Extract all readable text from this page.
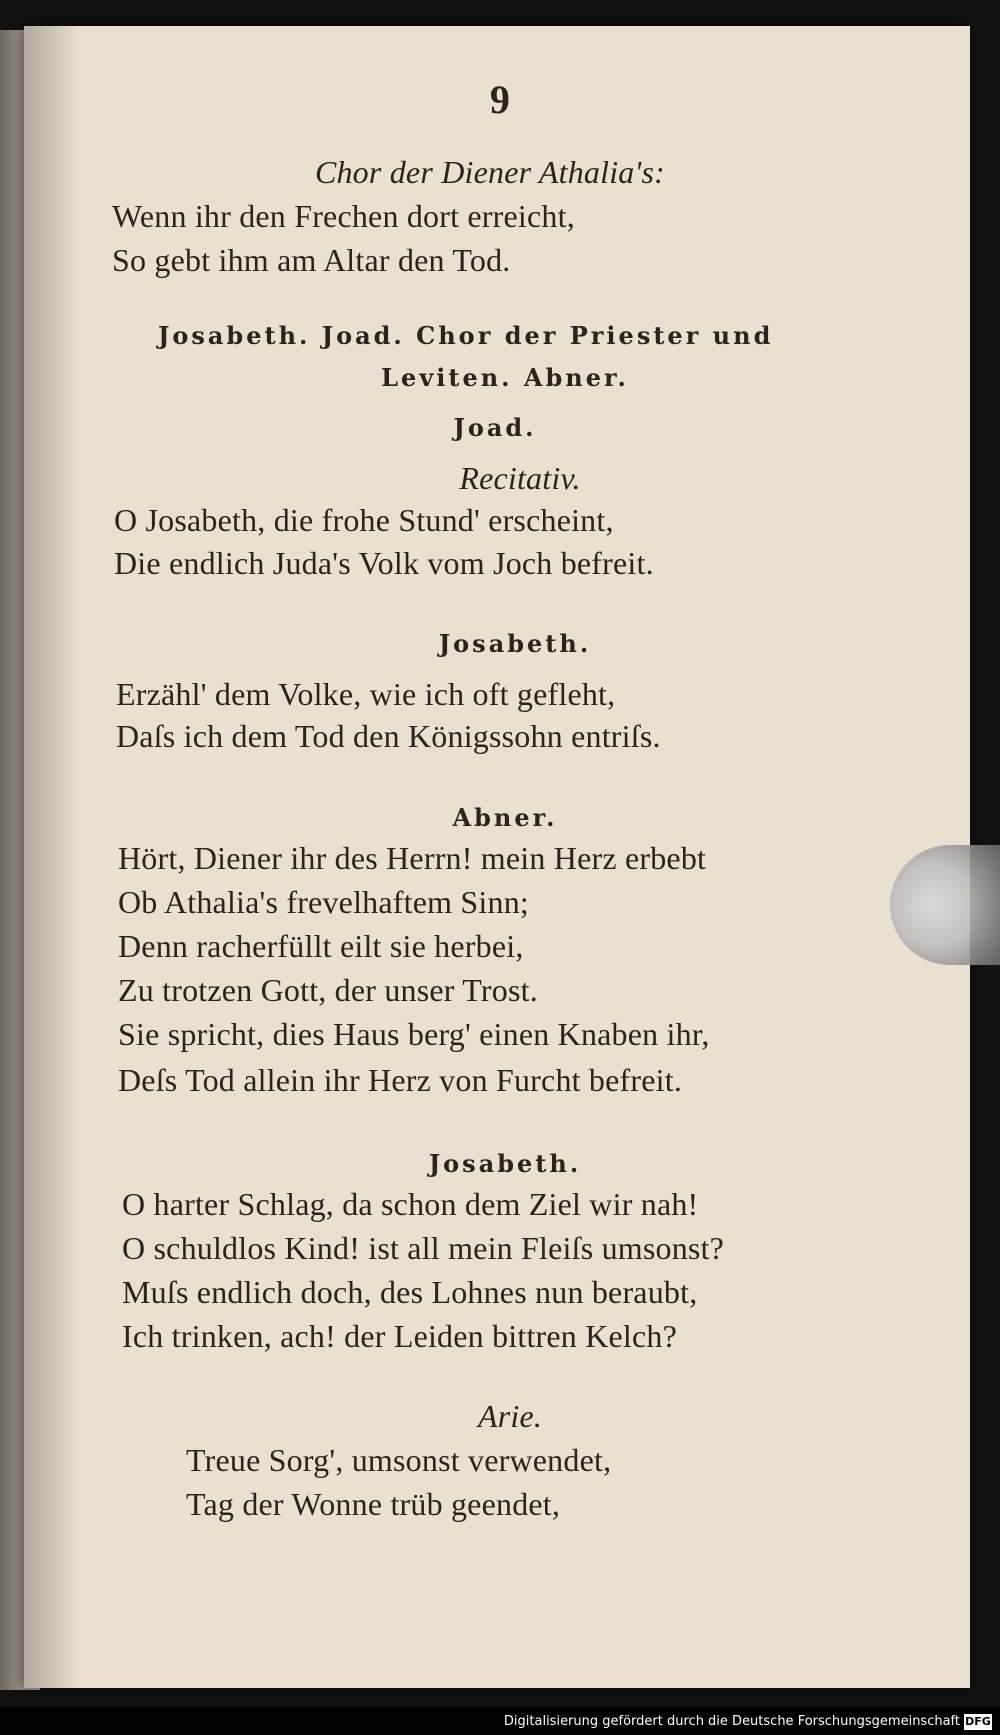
9
Chor der Diener Athalia's:
Wenn ihr den Frechen dort erreicht,
So gebt ihm am Altar den Tod.
Josabeth. Joad. Chor der Priester und
Leviten. Abner.
Joad.
Recitativ.
O Josabeth, die frohe Stund' erscheint,
Die endlich Juda's Volk vom Joch befreit.
Josabeth.
Erzähl' dem Volke, wie ich oft gefleht,
Daſs ich dem Tod den Königssohn entriſs.
Abner.
Hört, Diener ihr des Herrn! mein Herz erbebt
Ob Athalia's frevelhaftem Sinn;
Denn racherfüllt eilt sie herbei,
Zu trotzen Gott, der unser Trost.
Sie spricht, dies Haus berg' einen Knaben ihr,
Deſs Tod allein ihr Herz von Furcht befreit.
Josabeth.
O harter Schlag, da schon dem Ziel wir nah!
O schuldlos Kind! ist all mein Fleiſs umsonst?
Muſs endlich doch, des Lohnes nun beraubt,
Ich trinken, ach! der Leiden bittren Kelch?
Arie.
Treue Sorg', umsonst verwendet,
Tag der Wonne trüb geendet,
Digitalisierung gefördert durch die Deutsche Forschungsgemeinschaft DFG
